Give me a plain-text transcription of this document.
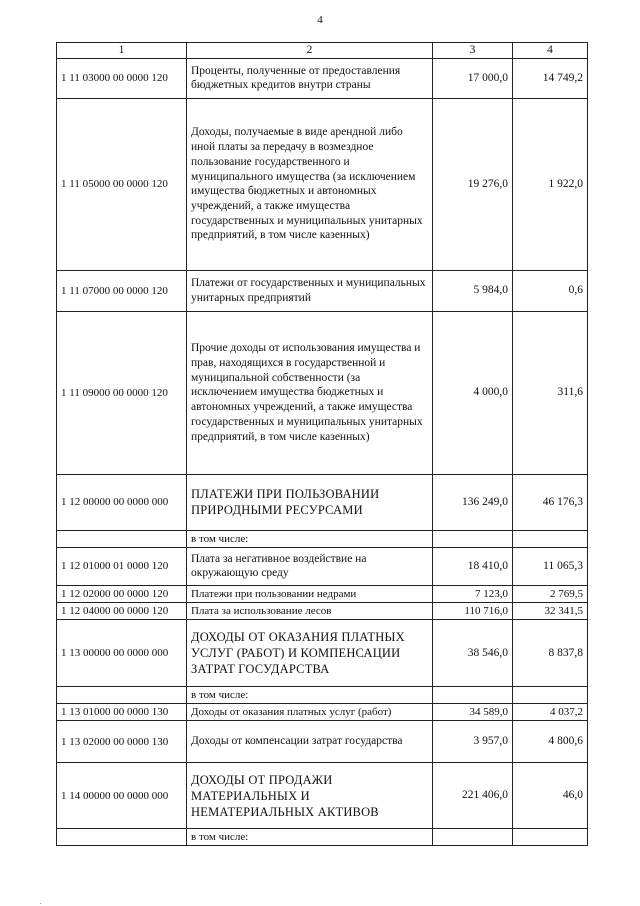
4
1	2	3	4
1 11 03000 00 0000 120	Проценты, полученные от предоставления бюджетных кредитов внутри страны	17 000,0	14 749,2
1 11 05000 00 0000 120	Доходы, получаемые в виде арендной либо иной платы за передачу в возмездное пользование государственного и муниципального имущества (за исключением имущества бюджетных и автономных учреждений, а также имущества государственных и муниципальных унитарных предприятий, в том числе казенных)	19 276,0	1 922,0
1 11 07000 00 0000 120	Платежи от государственных и муниципальных унитарных предприятий	5 984,0	0,6
1 11 09000 00 0000 120	Прочие доходы от использования имущества и прав, находящихся в государственной и муниципальной собственности (за исключением имущества бюджетных и автономных учреждений, а также имущества государственных и муниципальных унитарных предприятий, в том числе казенных)	4 000,0	311,6
1 12 00000 00 0000 000	ПЛАТЕЖИ ПРИ ПОЛЬЗОВАНИИ ПРИРОДНЫМИ РЕСУРСАМИ	136 249,0	46 176,3
	в том числе:		
1 12 01000 01 0000 120	Плата за негативное воздействие на окружающую среду	18 410,0	11 065,3
1 12 02000 00 0000 120	Платежи при пользовании недрами	7 123,0	2 769,5
1 12 04000 00 0000 120	Плата за использование лесов	110 716,0	32 341,5
1 13 00000 00 0000 000	ДОХОДЫ ОТ ОКАЗАНИЯ ПЛАТНЫХ УСЛУГ (РАБОТ) И КОМПЕНСАЦИИ ЗАТРАТ ГОСУДАРСТВА	38 546,0	8 837,8
	в том числе:		
1 13 01000 00 0000 130	Доходы от оказания платных услуг (работ)	34 589,0	4 037,2
1 13 02000 00 0000 130	Доходы от компенсации затрат государства	3 957,0	4 800,6
1 14 00000 00 0000 000	ДОХОДЫ ОТ ПРОДАЖИ МАТЕРИАЛЬНЫХ И НЕМАТЕРИАЛЬНЫХ АКТИВОВ	221 406,0	46,0
	в том числе:		
.
